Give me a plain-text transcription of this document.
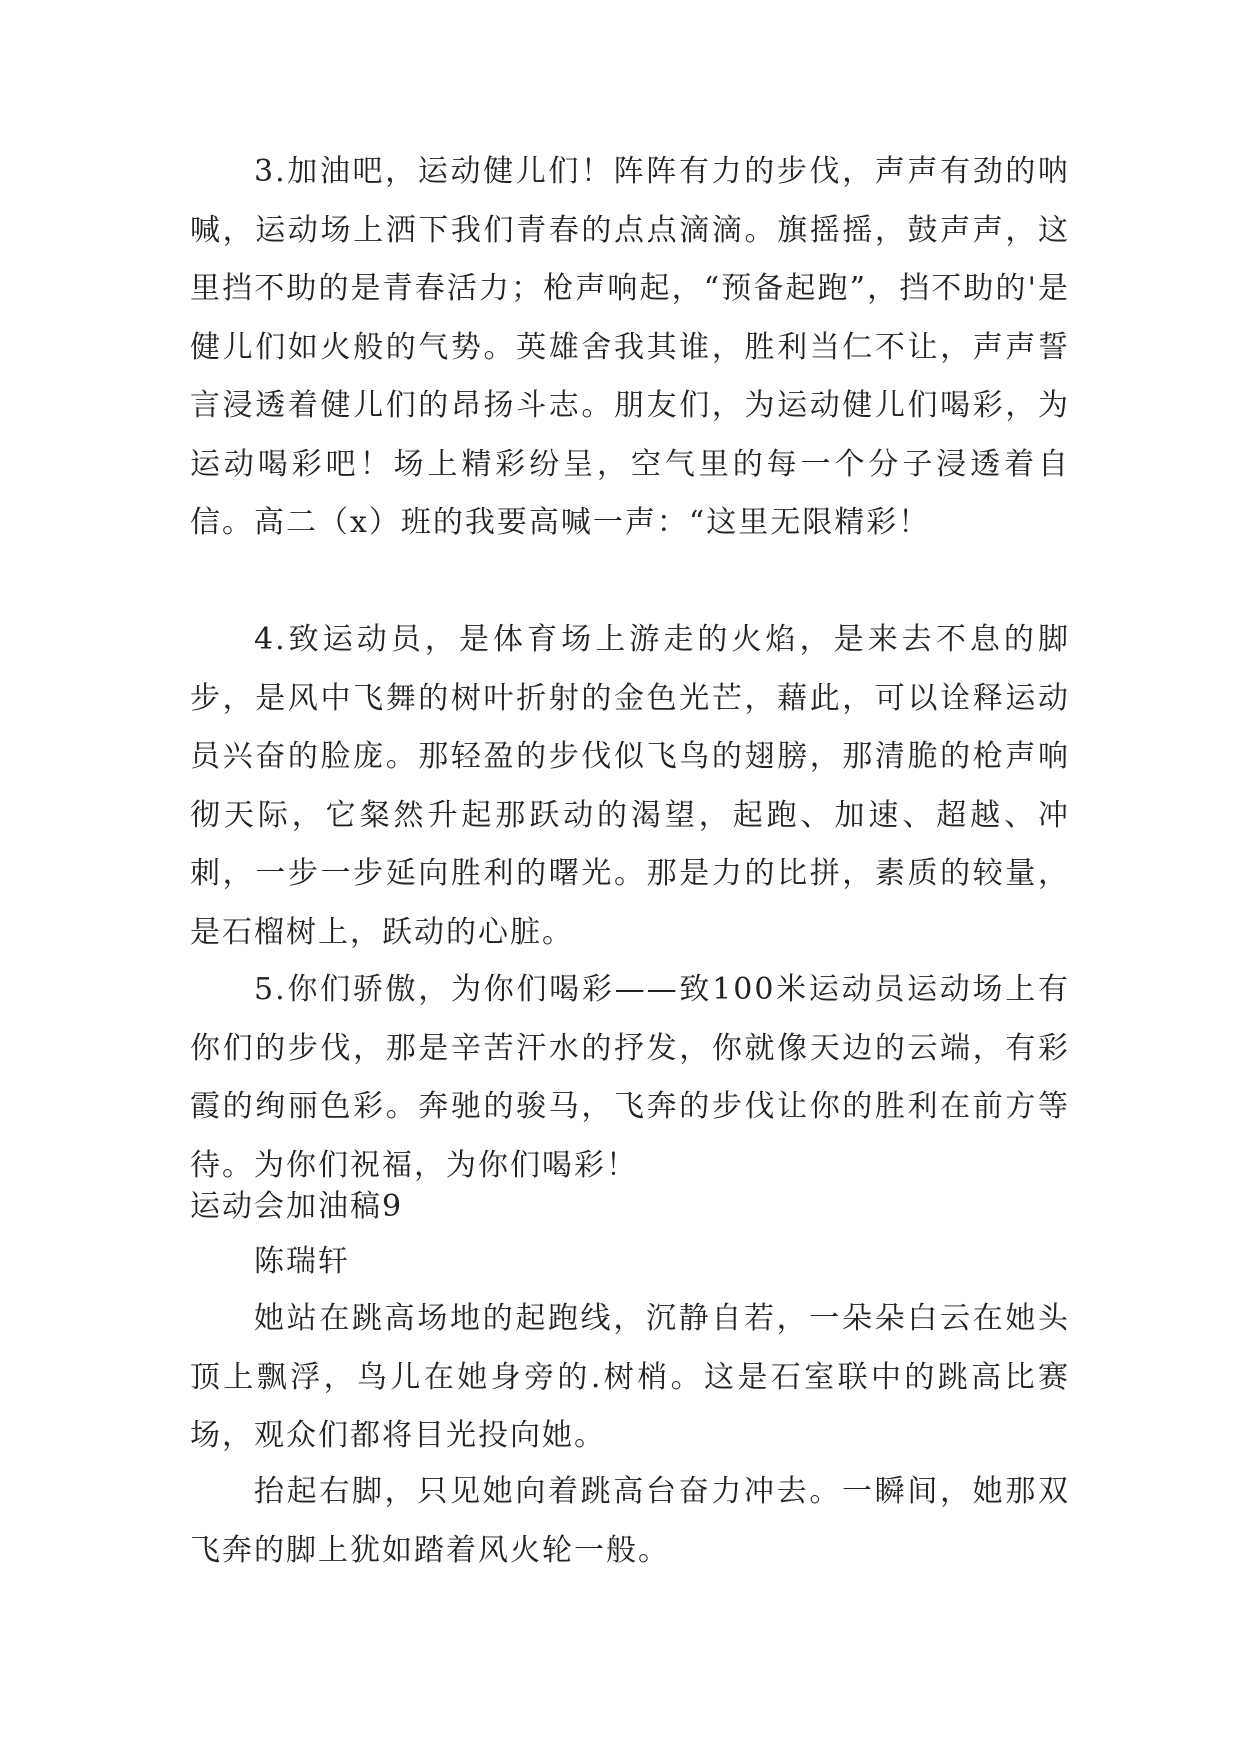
3.加油吧，运动健儿们！阵阵有力的步伐，声声有劲的呐喊，运动场上洒下我们青春的点点滴滴。旗摇摇，鼓声声，这里挡不助的是青春活力；枪声响起，“预备起跑”，挡不助的'是健儿们如火般的气势。英雄舍我其谁，胜利当仁不让，声声誓言浸透着健儿们的昂扬斗志。朋友们，为运动健儿们喝彩，为运动喝彩吧！场上精彩纷呈，空气里的每一个分子浸透着自信。高二（x）班的我要高喊一声：“这里无限精彩！

4.致运动员，是体育场上游走的火焰，是来去不息的脚步，是风中飞舞的树叶折射的金色光芒，藉此，可以诠释运动员兴奋的脸庞。那轻盈的步伐似飞鸟的翅膀，那清脆的枪声响彻天际，它粲然升起那跃动的渴望，起跑、加速、超越、冲刺，一步一步延向胜利的曙光。那是力的比拼，素质的较量，是石榴树上，跃动的心脏。

5.你们骄傲，为你们喝彩——致100米运动员运动场上有你们的步伐，那是辛苦汗水的抒发，你就像天边的云端，有彩霞的绚丽色彩。奔驰的骏马，飞奔的步伐让你的胜利在前方等待。为你们祝福，为你们喝彩！

运动会加油稿9

陈瑞轩

她站在跳高场地的起跑线，沉静自若，一朵朵白云在她头顶上飘浮，鸟儿在她身旁的.树梢。这是石室联中的跳高比赛场，观众们都将目光投向她。

抬起右脚，只见她向着跳高台奋力冲去。一瞬间，她那双飞奔的脚上犹如踏着风火轮一般。
